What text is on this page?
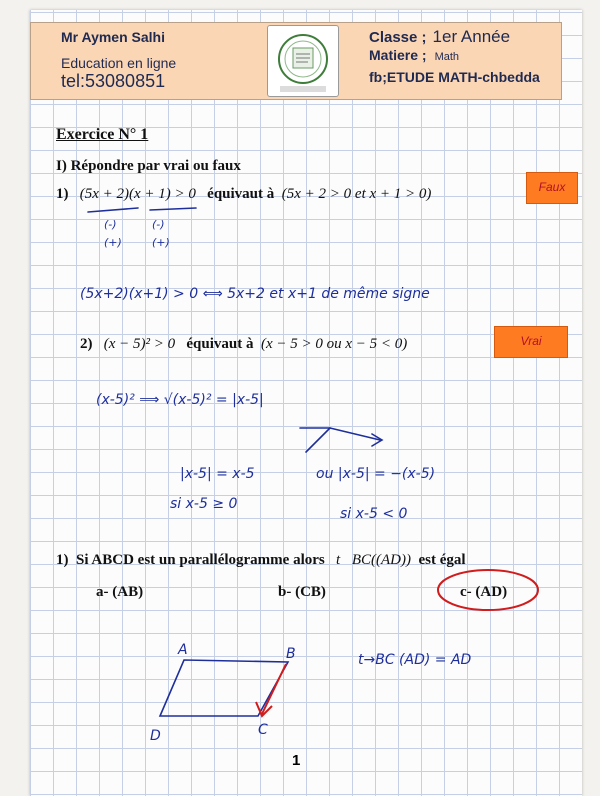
Mr Aymen Salhi
Education en ligne
tel:53080851
Classe ; 1er Année
Matiere ; Math
fb;ETUDE MATH-chbedda
Exercice N° 1
I) Répondre par vrai ou faux
1) (5x + 2)(x + 1) > 0 équivaut à (5x + 2 > 0 et x + 1 > 0)	Faux
2) (x − 5)² > 0 équivaut à (x − 5 > 0 ou x − 5 < 0)	Vrai
1) Si ABCD est un parallélogramme alors t⃗BC((AD)) est égal
a- (AB)	b- (CB)	c- (AD)
(-)
(+)
(-)
(+)
(5x+2)(x+1) > 0 ⟺ 5x+2 et x+1 de même signe
(x-5)² ⟹ √(x-5)² = |x-5|
|x-5| = x-5
si x-5 ≥ 0
ou |x-5| = −(x-5)
si x-5 < 0
t→BC (AD) = AD
A	B
C
D
1
